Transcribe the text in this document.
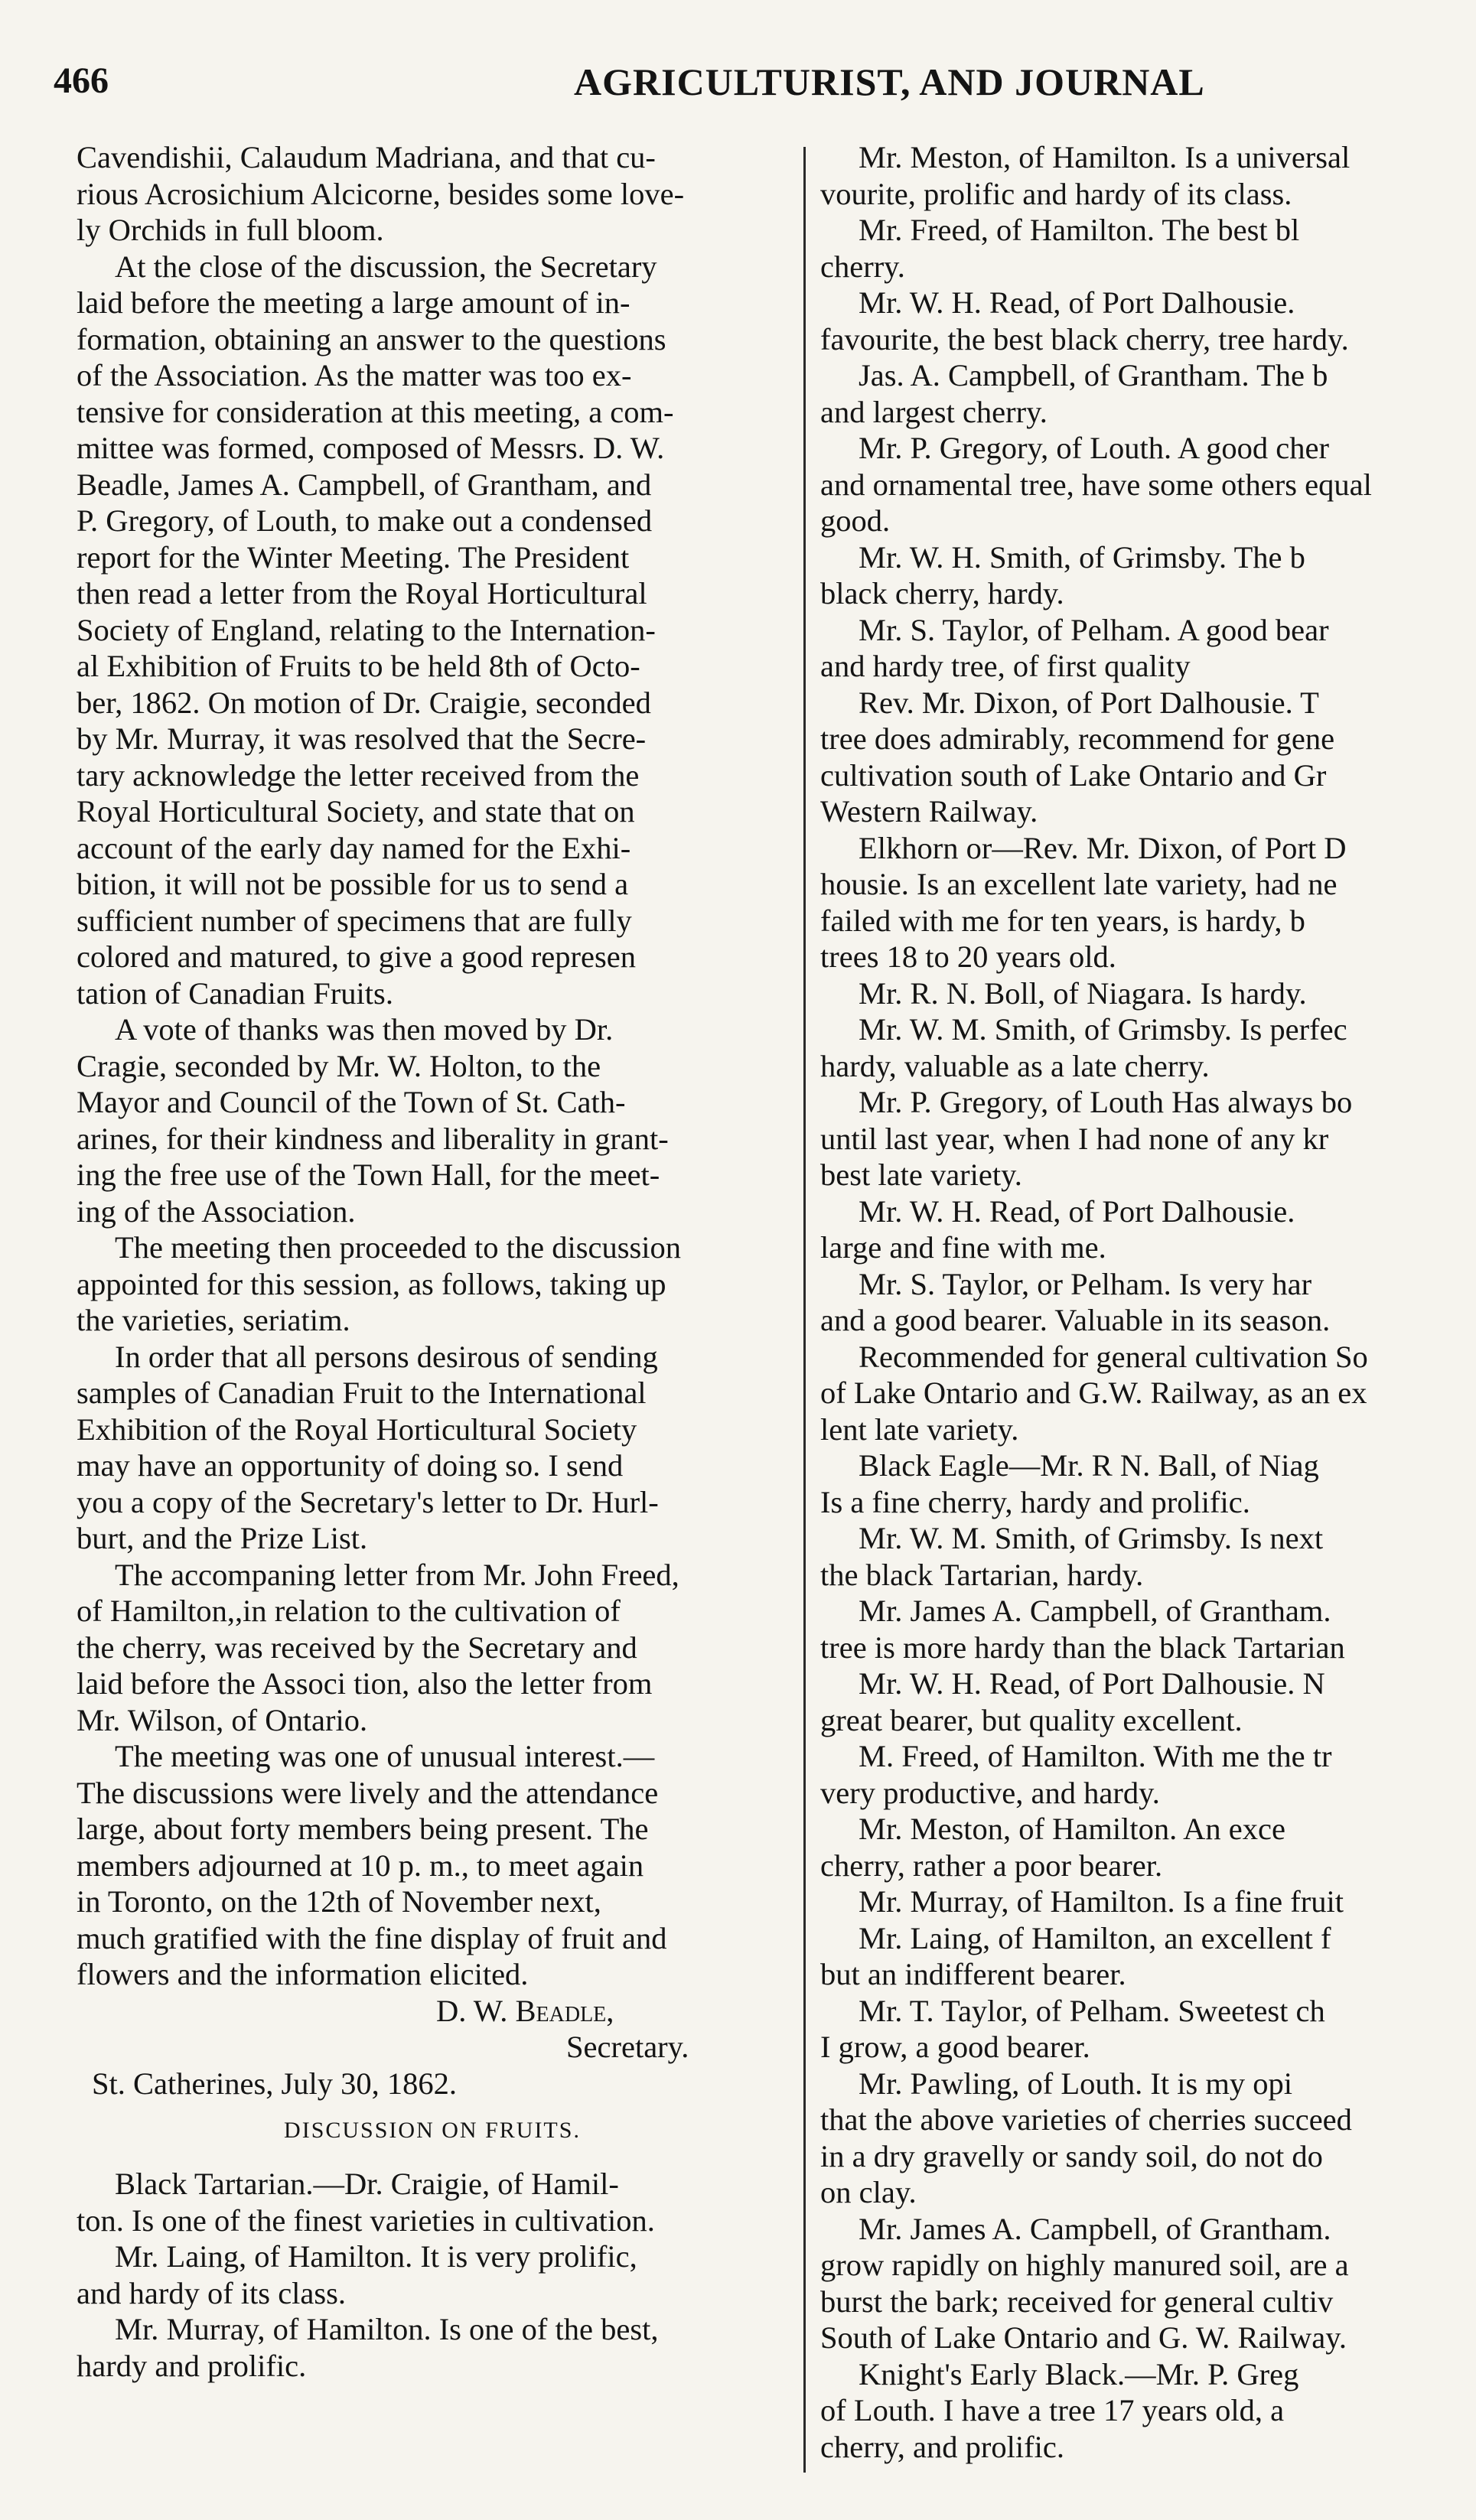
466	AGRICULTURIST, AND JOURNAL
Cavendishii, Calaudum Madriana, and that cu-
rious Acrosichium Alcicorne, besides some love-
ly Orchids in full bloom.
At the close of the discussion, the Secretary
laid before the meeting a large amount of in-
formation, obtaining an answer to the questions
of the Association. As the matter was too ex-
tensive for consideration at this meeting, a com-
mittee was formed, composed of Messrs. D. W.
Beadle, James A. Campbell, of Grantham, and
P. Gregory, of Louth, to make out a condensed
report for the Winter Meeting. The President
then read a letter from the Royal Horticultural
Society of England, relating to the Internation-
al Exhibition of Fruits to be held 8th of Octo-
ber, 1862. On motion of Dr. Craigie, seconded
by Mr. Murray, it was resolved that the Secre-
tary acknowledge the letter received from the
Royal Horticultural Society, and state that on
account of the early day named for the Exhi-
bition, it will not be possible for us to send a
sufficient number of specimens that are fully
colored and matured, to give a good represen
tation of Canadian Fruits.
A vote of thanks was then moved by Dr.
Cragie, seconded by Mr. W. Holton, to the
Mayor and Council of the Town of St. Cath-
arines, for their kindness and liberality in grant-
ing the free use of the Town Hall, for the meet-
ing of the Association.
The meeting then proceeded to the discussion
appointed for this session, as follows, taking up
the varieties, seriatim.
In order that all persons desirous of sending
samples of Canadian Fruit to the International
Exhibition of the Royal Horticultural Society
may have an opportunity of doing so. I send
you a copy of the Secretary's letter to Dr. Hurl-
burt, and the Prize List.
The accompaning letter from Mr. John Freed,
of Hamilton,,in relation to the cultivation of
the cherry, was received by the Secretary and
laid before the Associ tion, also the letter from
Mr. Wilson, of Ontario.
The meeting was one of unusual interest.—
The discussions were lively and the attendance
large, about forty members being present. The
members adjourned at 10 p. m., to meet again
in Toronto, on the 12th of November next,
much gratified with the fine display of fruit and
flowers and the information elicited.
D. W. Beadle,
Secretary.
St. Catherines, July 30, 1862.
DISCUSSION ON FRUITS.
Black Tartarian.—Dr. Craigie, of Hamil-
ton. Is one of the finest varieties in cultivation.
Mr. Laing, of Hamilton. It is very prolific,
and hardy of its class.
Mr. Murray, of Hamilton. Is one of the best,
hardy and prolific.
Mr. Meston, of Hamilton. Is a universal
vourite, prolific and hardy of its class.
Mr. Freed, of Hamilton. The best bl
cherry.
Mr. W. H. Read, of Port Dalhousie.
favourite, the best black cherry, tree hardy.
Jas. A. Campbell, of Grantham. The b
and largest cherry.
Mr. P. Gregory, of Louth. A good cher
and ornamental tree, have some others equal
good.
Mr. W. H. Smith, of Grimsby. The b
black cherry, hardy.
Mr. S. Taylor, of Pelham. A good bear
and hardy tree, of first quality
Rev. Mr. Dixon, of Port Dalhousie. T
tree does admirably, recommend for gene
cultivation south of Lake Ontario and Gr
Western Railway.
Elkhorn or—Rev. Mr. Dixon, of Port D
housie. Is an excellent late variety, had ne
failed with me for ten years, is hardy, b
trees 18 to 20 years old.
Mr. R. N. Boll, of Niagara. Is hardy.
Mr. W. M. Smith, of Grimsby. Is perfec
hardy, valuable as a late cherry.
Mr. P. Gregory, of Louth Has always bo
until last year, when I had none of any kr
best late variety.
Mr. W. H. Read, of Port Dalhousie.
large and fine with me.
Mr. S. Taylor, or Pelham. Is very har
and a good bearer. Valuable in its season.
Recommended for general cultivation So
of Lake Ontario and G.W. Railway, as an ex
lent late variety.
Black Eagle—Mr. R N. Ball, of Niag
Is a fine cherry, hardy and prolific.
Mr. W. M. Smith, of Grimsby. Is next
the black Tartarian, hardy.
Mr. James A. Campbell, of Grantham.
tree is more hardy than the black Tartarian
Mr. W. H. Read, of Port Dalhousie. N
great bearer, but quality excellent.
M. Freed, of Hamilton. With me the tr
very productive, and hardy.
Mr. Meston, of Hamilton. An exce
cherry, rather a poor bearer.
Mr. Murray, of Hamilton. Is a fine fruit
Mr. Laing, of Hamilton, an excellent f
but an indifferent bearer.
Mr. T. Taylor, of Pelham. Sweetest ch
I grow, a good bearer.
Mr. Pawling, of Louth. It is my opi
that the above varieties of cherries succeed
in a dry gravelly or sandy soil, do not do
on clay.
Mr. James A. Campbell, of Grantham.
grow rapidly on highly manured soil, are a
burst the bark; received for general cultiv
South of Lake Ontario and G. W. Railway.
Knight's Early Black.—Mr. P. Greg
of Louth. I have a tree 17 years old, a
cherry, and prolific.
